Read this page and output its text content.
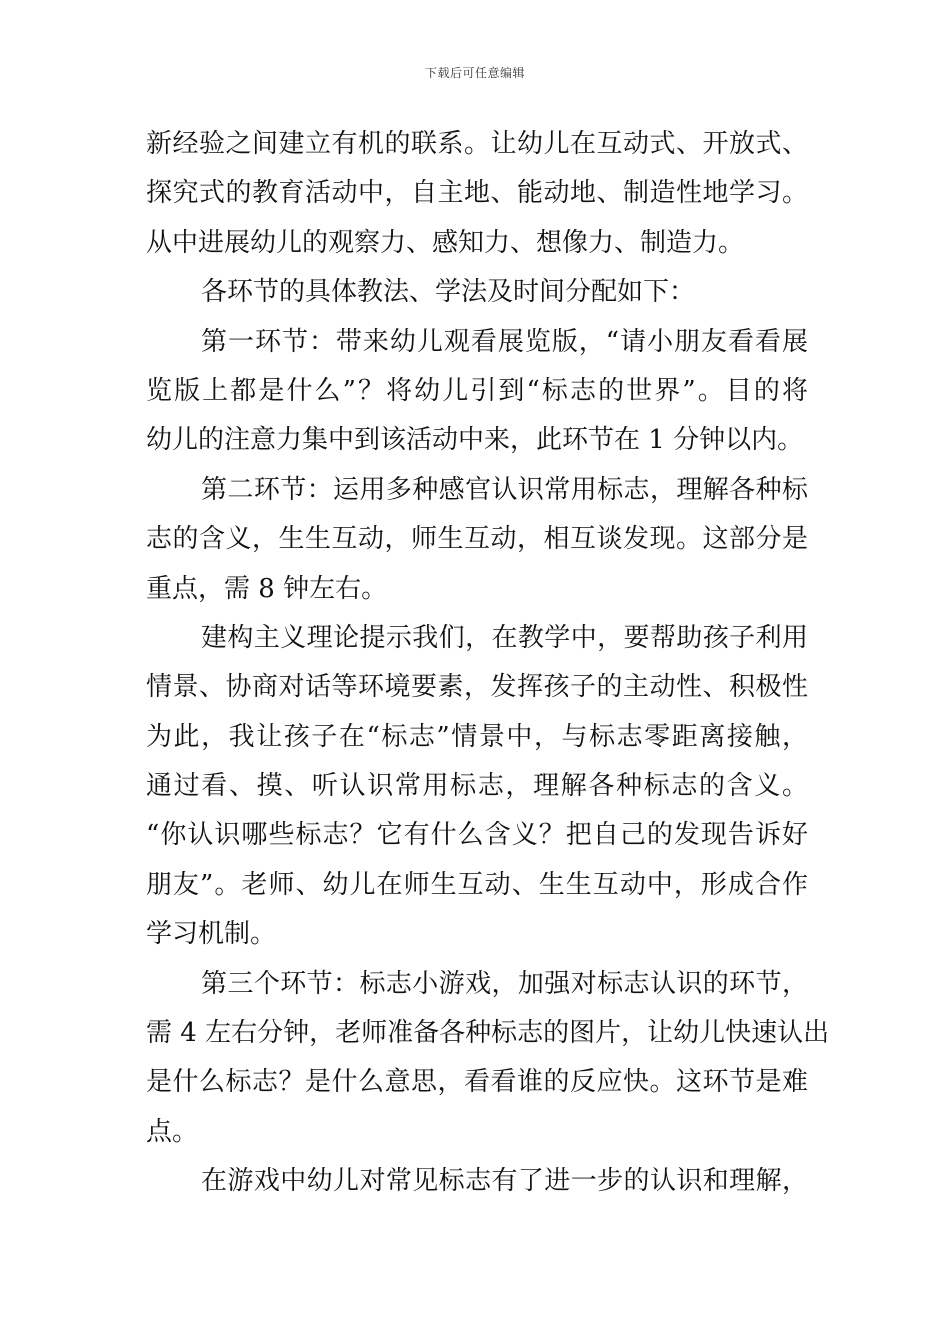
下载后可任意编辑
新经验之间建立有机的联系。让幼儿在互动式、开放式、
探究式的教育活动中，自主地、能动地、制造性地学习。
从中进展幼儿的观察力、感知力、想像力、制造力。
各环节的具体教法、学法及时间分配如下：
第一环节：带来幼儿观看展览版，“请小朋友看看展
览版上都是什么”？将幼儿引到“标志的世界”。目的将
幼儿的注意力集中到该活动中来，此环节在 1 分钟以内。
第二环节：运用多种感官认识常用标志，理解各种标
志的含义，生生互动，师生互动，相互谈发现。这部分是
重点，需 8 钟左右。
建构主义理论提示我们，在教学中，要帮助孩子利用
情景、协商对话等环境要素，发挥孩子的主动性、积极性
为此，我让孩子在“标志”情景中，与标志零距离接触，
通过看、摸、听认识常用标志，理解各种标志的含义。
“你认识哪些标志？它有什么含义？把自己的发现告诉好
朋友”。老师、幼儿在师生互动、生生互动中，形成合作
学习机制。
第三个环节：标志小游戏，加强对标志认识的环节，
需 4 左右分钟，老师准备各种标志的图片，让幼儿快速认出
是什么标志？是什么意思，看看谁的反应快。这环节是难
点。
在游戏中幼儿对常见标志有了进一步的认识和理解，
